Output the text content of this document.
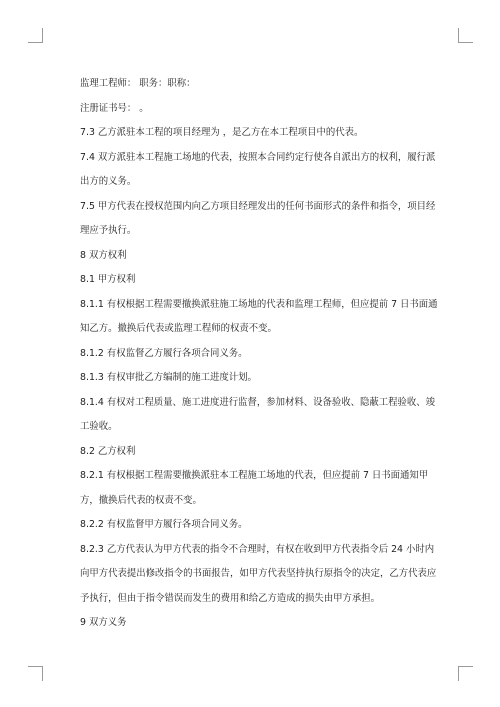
监理工程师： 职务：职称：

注册证书号： 。

7.3 乙方派驻本工程的项目经理为 ，是乙方在本工程项目中的代表。

7.4 双方派驻本工程施工场地的代表，按照本合同约定行使各自派出方的权利，履行派出方的义务。

7.5 甲方代表在授权范围内向乙方项目经理发出的任何书面形式的条件和指令，项目经理应予执行。

8 双方权利

8.1 甲方权利

8.1.1 有权根据工程需要撤换派驻施工场地的代表和监理工程师，但应提前 7 日书面通知乙方。撤换后代表或监理工程师的权责不变。

8.1.2 有权监督乙方履行各项合同义务。

8.1.3 有权审批乙方编制的施工进度计划。

8.1.4 有权对工程质量、施工进度进行监督，参加材料、设备验收、隐蔽工程验收、竣工验收。

8.2 乙方权利

8.2.1 有权根据工程需要撤换派驻本工程施工场地的代表，但应提前 7 日书面通知甲方，撤换后代表的权责不变。

8.2.2 有权监督甲方履行各项合同义务。

8.2.3 乙方代表认为甲方代表的指令不合理时，有权在收到甲方代表指令后 24 小时内向甲方代表提出修改指令的书面报告，如甲方代表坚持执行原指令的决定，乙方代表应予执行，但由于指令错误而发生的费用和给乙方造成的损失由甲方承担。

9 双方义务
